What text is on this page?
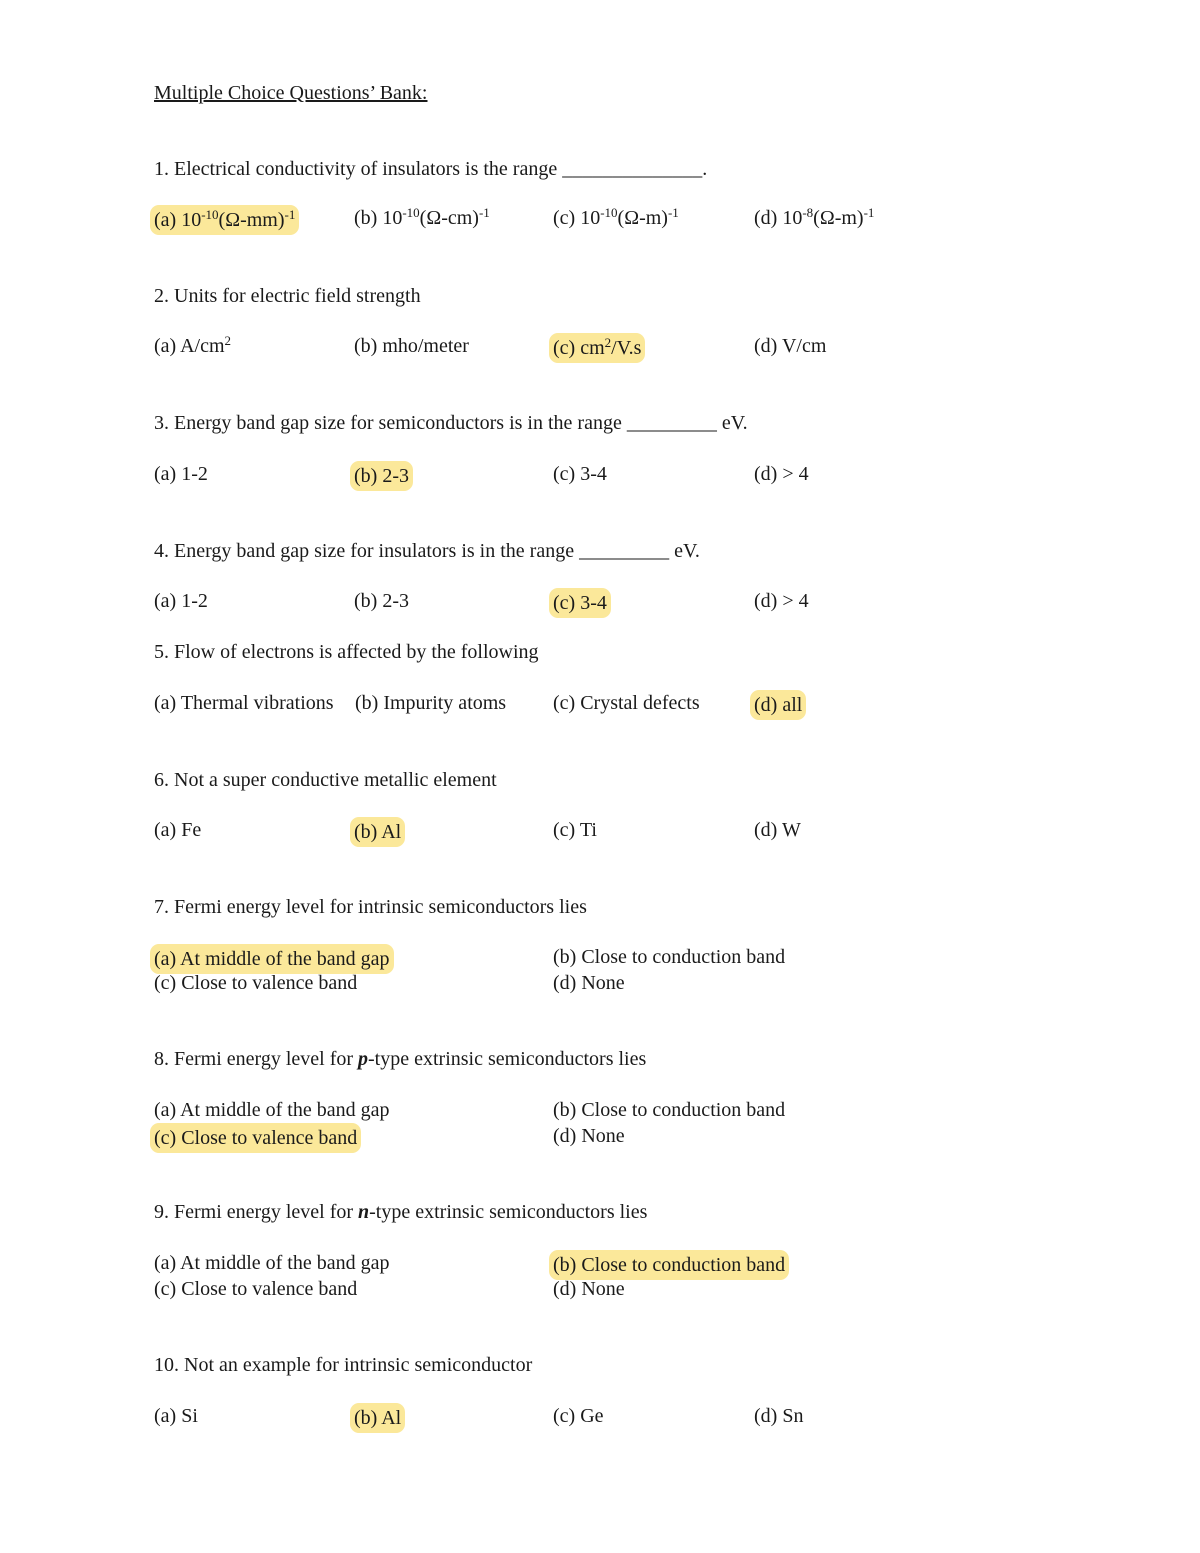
Multiple Choice Questions’ Bank:
1. Electrical conductivity of insulators is the range ______________.
(a) $10^{-10}(\Omega-mm)^{-1}$	(b) $10^{-10}(\Omega-cm)^{-1}$	(c) $10^{-10}(\Omega-m)^{-1}$	(d) $10^{-8}(\Omega-m)^{-1}$
2. Units for electric field strength
(a) $A/cm^2$	(b) mho/meter	(c) $cm^2/V.s$	(d) V/cm
3. Energy band gap size for semiconductors is in the range _________ eV.
(a) 1-2	(b) 2-3	(c) 3-4	(d) > 4
4. Energy band gap size for insulators is in the range _________ eV.
(a) 1-2	(b) 2-3	(c) 3-4	(d) > 4
5. Flow of electrons is affected by the following
(a) Thermal vibrations (b) Impurity atoms (c) Crystal defects	(d) all
6. Not a super conductive metallic element
(a) Fe	(b) Al	(c) Ti	(d) W
7. Fermi energy level for intrinsic semiconductors lies
(a) At middle of the band gap	(b) Close to conduction band
(c) Close to valence band	(d) None
8. Fermi energy level for p-type extrinsic semiconductors lies
(a) At middle of the band gap	(b) Close to conduction band
(c) Close to valence band	(d) None
9. Fermi energy level for n-type extrinsic semiconductors lies
(a) At middle of the band gap	(b) Close to conduction band
(c) Close to valence band	(d) None
10. Not an example for intrinsic semiconductor
(a) Si	(b) Al	(c) Ge	(d) Sn
